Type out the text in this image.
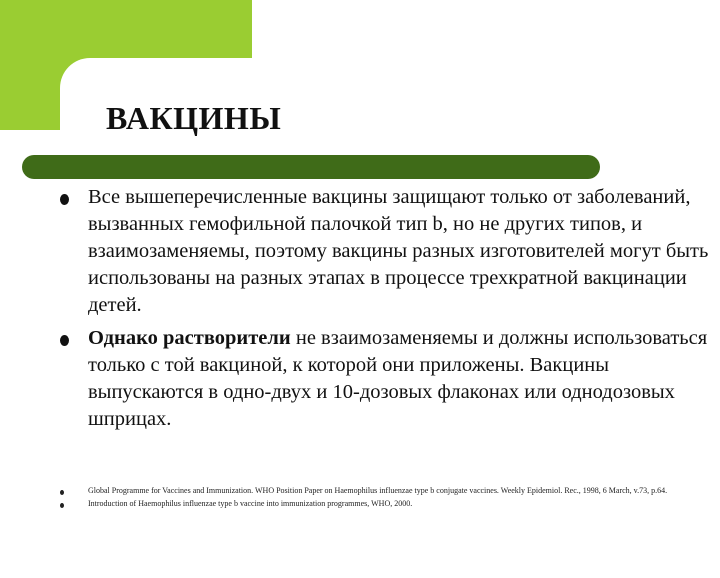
ВАКЦИНЫ
Все вышеперечисленные вакцины защищают только от заболеваний, вызванных гемофильной палочкой тип b, но не других типов, и взаимозаменяемы, поэтому вакцины разных изготовителей могут быть использованы на разных этапах в процессе трехкратной вакцинации детей.
Однако растворители не взаимозаменяемы и должны использоваться только с той вакциной, к которой они приложены. Вакцины выпускаются в одно-двух и 10-дозовых флаконах или однодозовых шприцах.
Global Programme for Vaccines and Immunization. WHO Position Paper on Haemophilus influenzae type b conjugate vaccines. Weekly Epidemiol. Rec., 1998, 6 March, v.73, p.64.
Introduction of Haemophilus influenzae type b vaccine into immunization programmes, WHO, 2000.
